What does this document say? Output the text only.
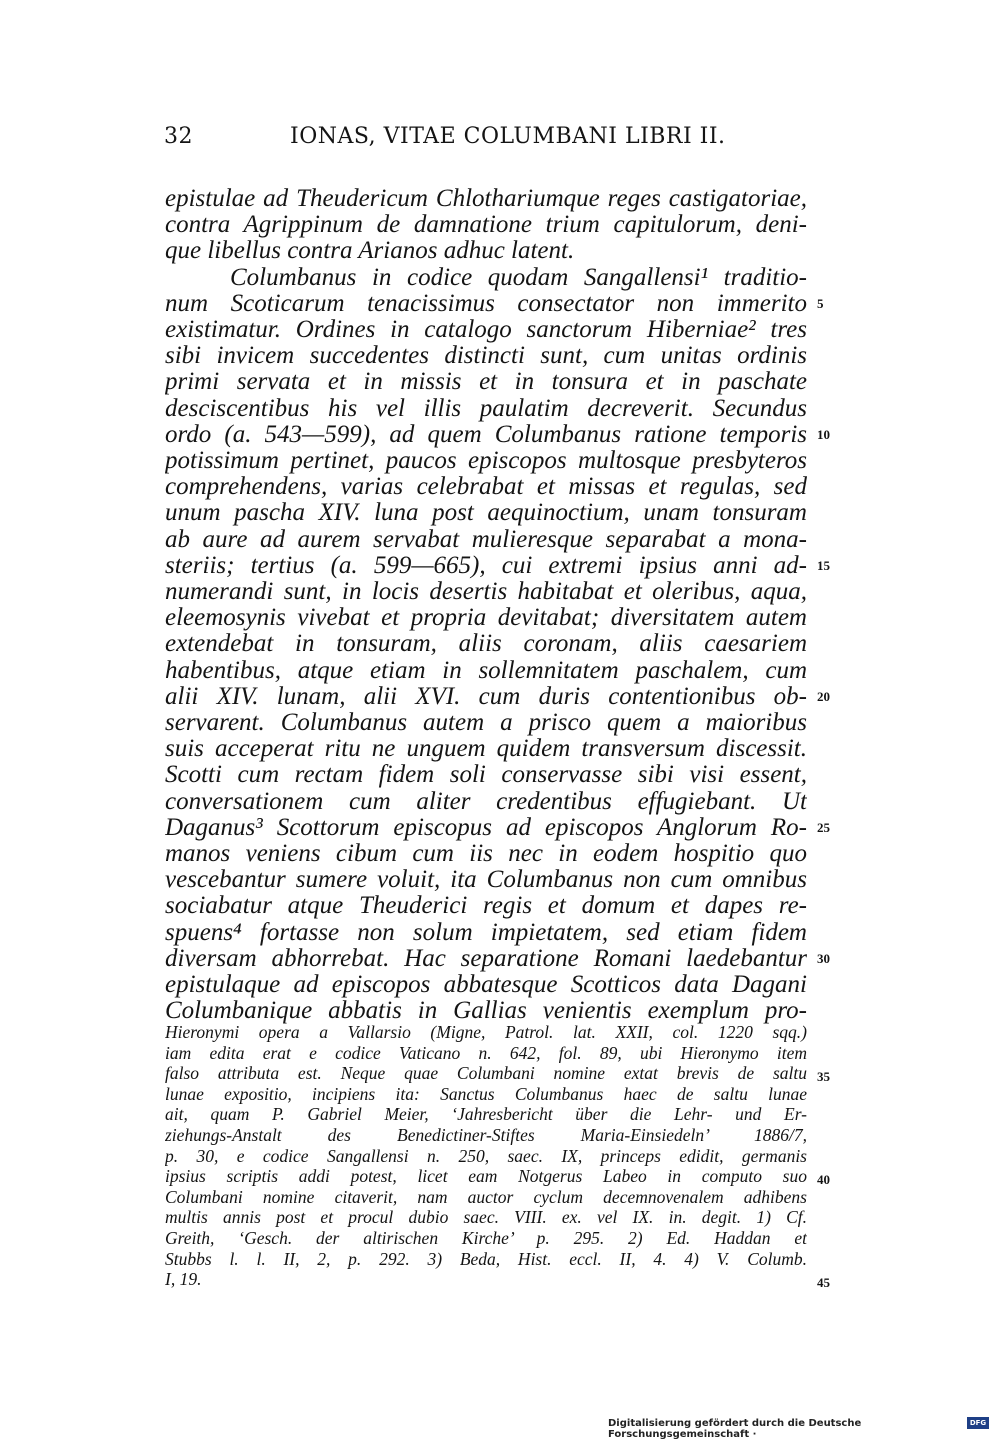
32	IONAS, VITAE COLUMBANI LIBRI II.
epistulae ad Theudericum Chlothariumque reges castigatoriae,
contra Agrippinum de damnatione trium capitulorum, deni-
que libellus contra Arianos adhuc latent.
Columbanus in codice quodam Sangallensi¹ traditio-
num Scoticarum tenacissimus consectator non immerito
existimatur. Ordines in catalogo sanctorum Hiberniae² tres
sibi invicem succedentes distincti sunt, cum unitas ordinis
primi servata et in missis et in tonsura et in paschate
desciscentibus his vel illis paulatim decreverit. Secundus
ordo (a. 543—599), ad quem Columbanus ratione temporis
potissimum pertinet, paucos episcopos multosque presbyteros
comprehendens, varias celebrabat et missas et regulas, sed
unum pascha XIV. luna post aequinoctium, unam tonsuram
ab aure ad aurem servabat mulieresque separabat a mona-
steriis; tertius (a. 599—665), cui extremi ipsius anni ad-
numerandi sunt, in locis desertis habitabat et oleribus, aqua,
eleemosynis vivebat et propria devitabat; diversitatem autem
extendebat in tonsuram, aliis coronam, aliis caesariem
habentibus, atque etiam in sollemnitatem paschalem, cum
alii XIV. lunam, alii XVI. cum duris contentionibus ob-
servarent. Columbanus autem a prisco quem a maioribus
suis acceperat ritu ne unguem quidem transversum discessit.
Scotti cum rectam fidem soli conservasse sibi visi essent,
conversationem cum aliter credentibus effugiebant. Ut
Daganus³ Scottorum episcopus ad episcopos Anglorum Ro-
manos veniens cibum cum iis nec in eodem hospitio quo
vescebantur sumere voluit, ita Columbanus non cum omnibus
sociabatur atque Theuderici regis et domum et dapes re-
spuens⁴ fortasse non solum impietatem, sed etiam fidem
diversam abhorrebat. Hac separatione Romani laedebantur
epistulaque ad episcopos abbatesque Scotticos data Dagani
Columbanique abbatis in Gallias venientis exemplum pro-
5
10
15
20
25
30
Hieronymi opera a Vallarsio (Migne, Patrol. lat. XXII, col. 1220 sqq.)
iam edita erat e codice Vaticano n. 642, fol. 89, ubi Hieronymo item
falso attributa est. Neque quae Columbani nomine extat brevis de saltu
lunae expositio, incipiens ita: Sanctus Columbanus haec de saltu lunae
ait, quam P. Gabriel Meier, ‘Jahresbericht über die Lehr- und Er-
ziehungs-Anstalt des Benedictiner-Stiftes Maria-Einsiedeln’ 1886/7,
p. 30, e codice Sangallensi n. 250, saec. IX, princeps edidit, germanis
ipsius scriptis addi potest, licet eam Notgerus Labeo in computo suo
Columbani nomine citaverit, nam auctor cyclum decemnovenalem adhibens
multis annis post et procul dubio saec. VIII. ex. vel IX. in. degit. 1) Cf.
Greith, ‘Gesch. der altirischen Kirche’ p. 295. 2) Ed. Haddan et
Stubbs l. l. II, 2, p. 292. 3) Beda, Hist. eccl. II, 4. 4) V. Columb.
I, 19.
35
40
45
Digitalisierung gefördert durch die Deutsche Forschungsgemeinschaft ·
DFG
